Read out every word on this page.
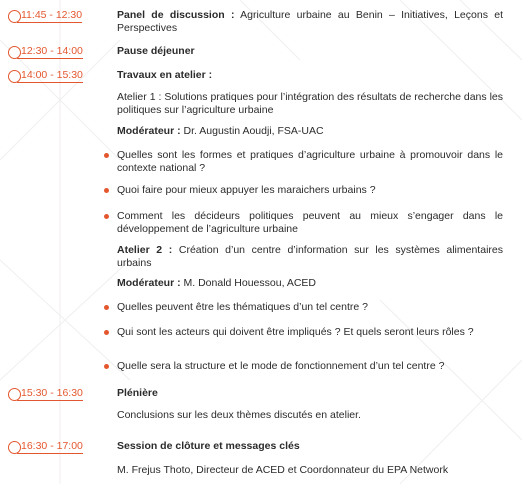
11:45 - 12:30	Panel de discussion : Agriculture urbaine au Benin – Initiatives, Leçons et Perspectives
12:30 - 14:00	Pause déjeuner
14:00 - 15:30	Travaux en atelier :
Atelier 1 : Solutions pratiques pour l’intégration des résultats de recherche dans les politiques sur l’agriculture urbaine
Modérateur : Dr. Augustin Aoudji, FSA-UAC
Quelles sont les formes et pratiques d’agriculture urbaine à promouvoir dans le contexte national ?
Quoi faire pour mieux appuyer les maraichers urbains ?
Comment les décideurs politiques peuvent au mieux s’engager dans le développement de l’agriculture urbaine
Atelier 2 : Création d’un centre d’information sur les systèmes alimentaires urbains
Modérateur : M. Donald Houessou, ACED
Quelles peuvent être les thématiques d’un tel centre ?
Qui sont les acteurs qui doivent être impliqués ? Et quels seront leurs rôles ?
Quelle sera la structure et le mode de fonctionnement d’un tel centre ?
15:30 - 16:30	Plénière
Conclusions sur les deux thèmes discutés en atelier.
16:30 - 17:00	Session de clôture et messages clés
M. Frejus Thoto, Directeur de ACED et Coordonnateur du EPA Network
